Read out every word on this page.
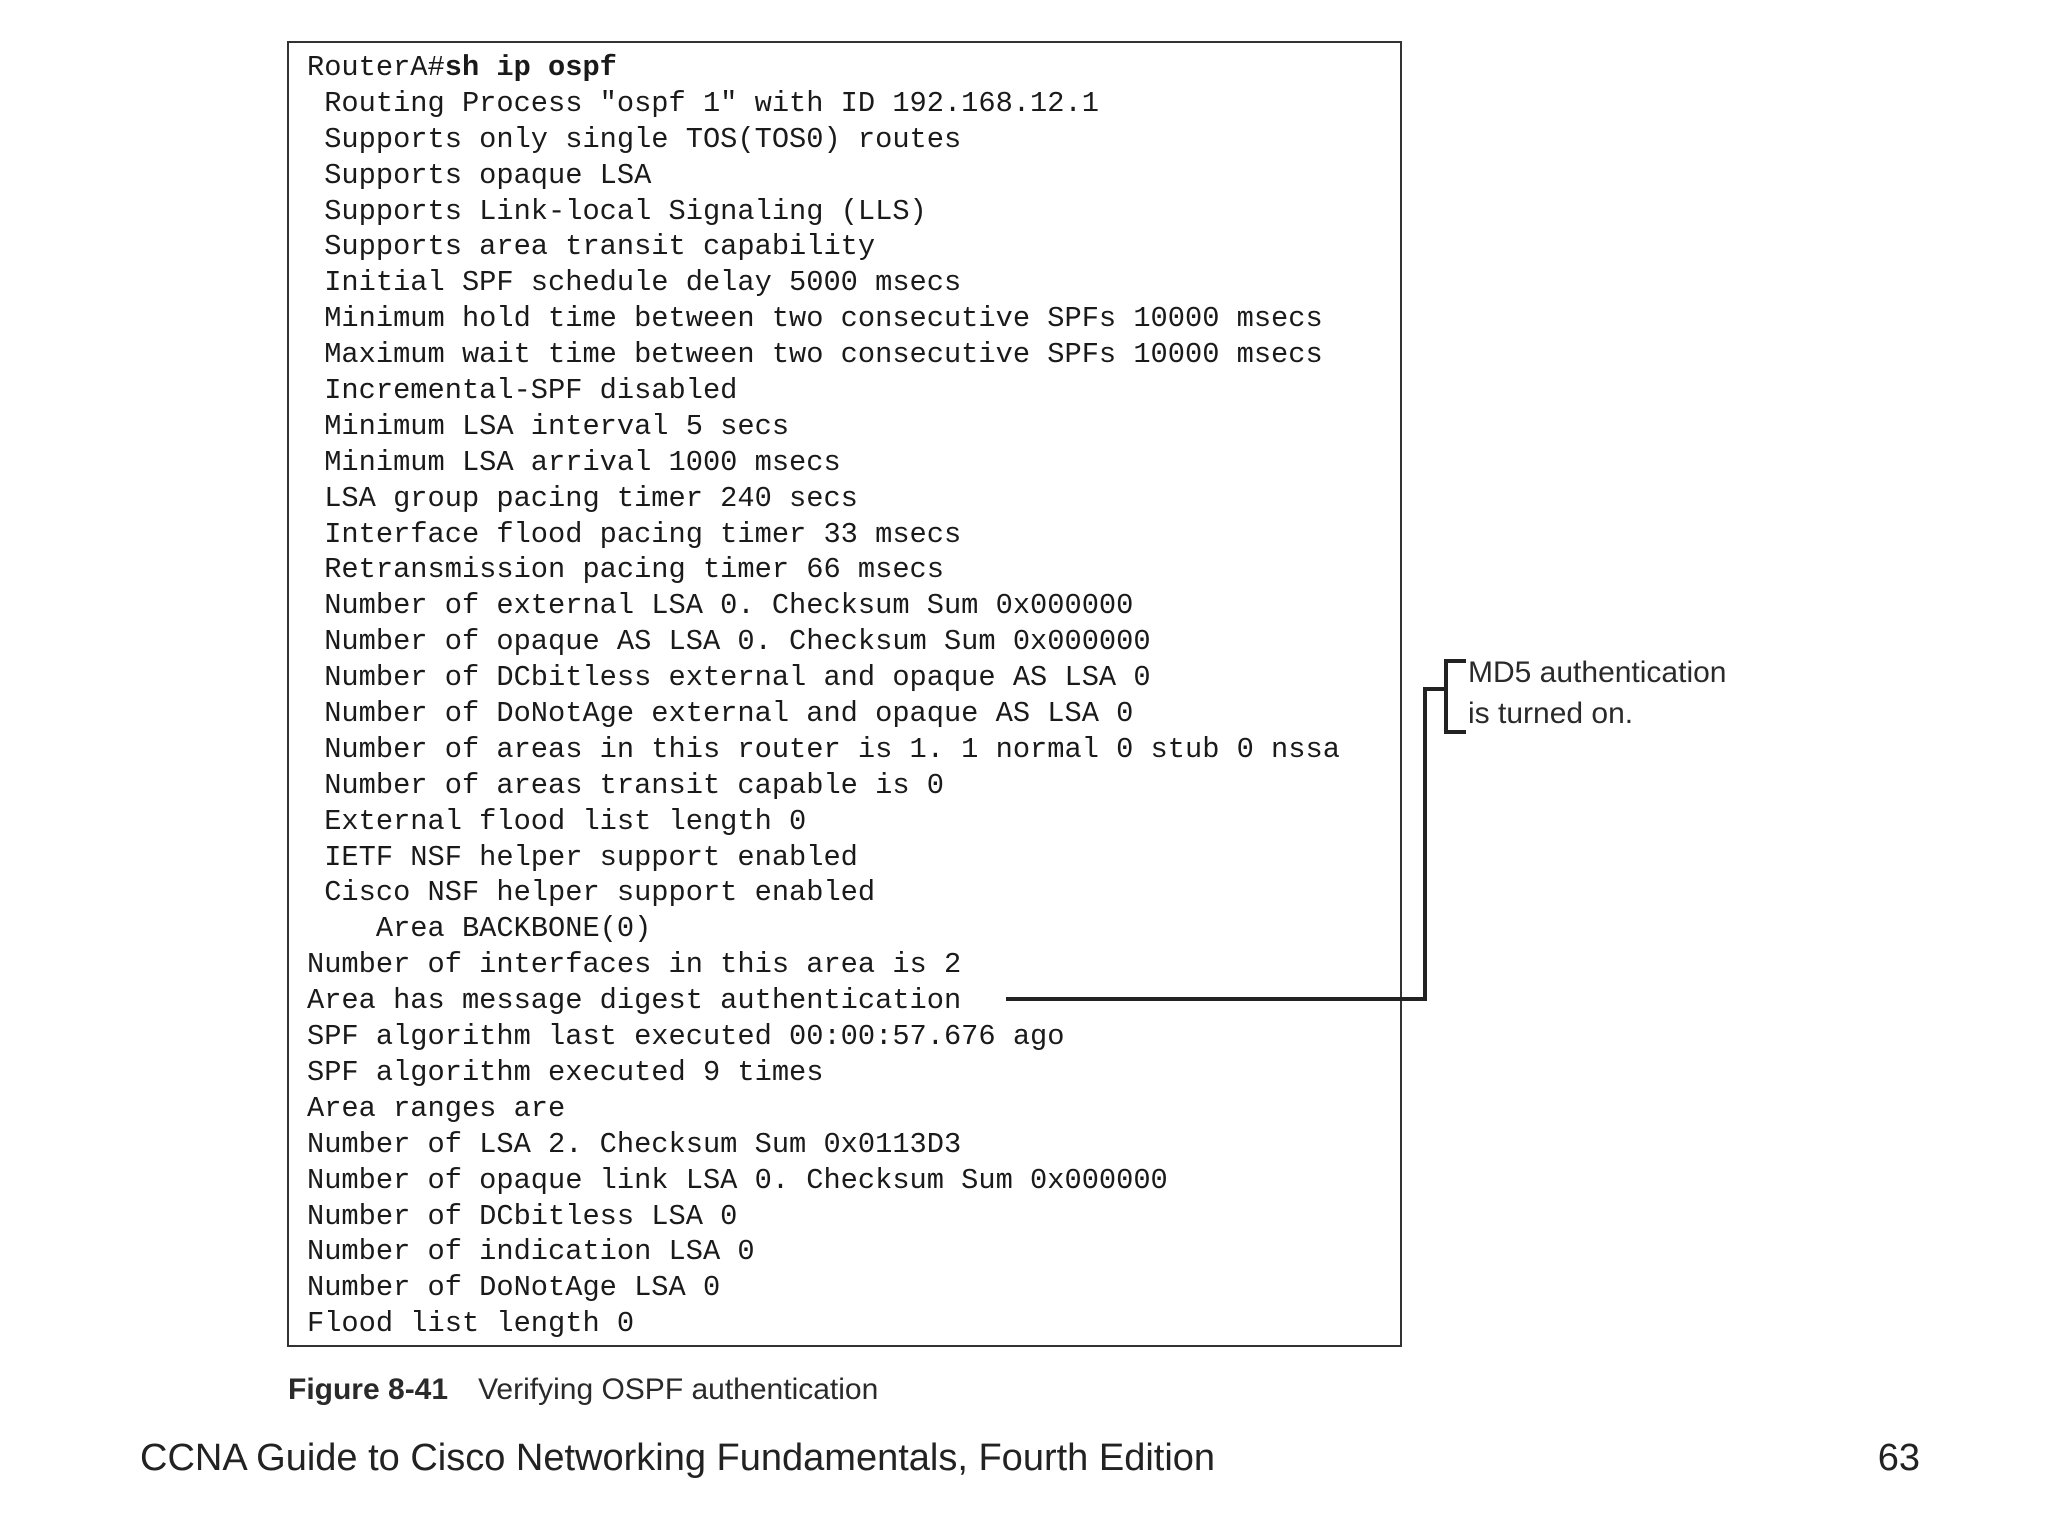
RouterA#sh ip ospf
Routing Process "ospf 1" with ID 192.168.12.1
Supports only single TOS(TOS0) routes
Supports opaque LSA
Supports Link-local Signaling (LLS)
Supports area transit capability
Initial SPF schedule delay 5000 msecs
Minimum hold time between two consecutive SPFs 10000 msecs
Maximum wait time between two consecutive SPFs 10000 msecs
Incremental-SPF disabled
Minimum LSA interval 5 secs
Minimum LSA arrival 1000 msecs
LSA group pacing timer 240 secs
Interface flood pacing timer 33 msecs
Retransmission pacing timer 66 msecs
Number of external LSA 0. Checksum Sum 0x000000
Number of opaque AS LSA 0. Checksum Sum 0x000000
Number of DCbitless external and opaque AS LSA 0
Number of DoNotAge external and opaque AS LSA 0
Number of areas in this router is 1. 1 normal 0 stub 0 nssa
Number of areas transit capable is 0
External flood list length 0
IETF NSF helper support enabled
Cisco NSF helper support enabled
Area BACKBONE(0)
Number of interfaces in this area is 2
Area has message digest authentication
SPF algorithm last executed 00:00:57.676 ago
SPF algorithm executed 9 times
Area ranges are
Number of LSA 2. Checksum Sum 0x0113D3
Number of opaque link LSA 0. Checksum Sum 0x000000
Number of DCbitless LSA 0
Number of indication LSA 0
Number of DoNotAge LSA 0
Flood list length 0
MD5 authentication
is turned on.
Figure 8-41 Verifying OSPF authentication
CCNA Guide to Cisco Networking Fundamentals, Fourth Edition	63
